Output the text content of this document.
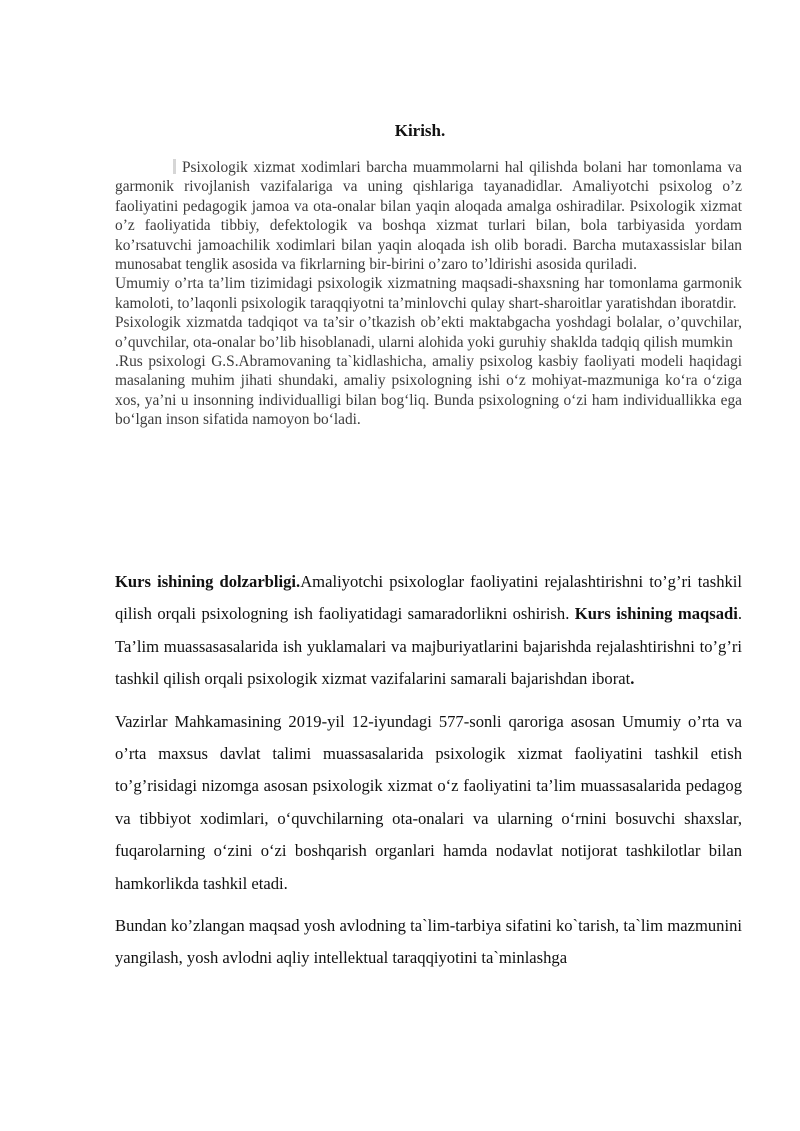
Kirish.

Psixologik xizmat xodimlari barcha muammolarni hal qilishda bolani har tomonlama va garmonik rivojlanish vazifalariga va uning qishlariga tayanadidlar. Amaliyotchi psixolog o’z faoliyatini pedagogik jamoa va ota-onalar bilan yaqin aloqada amalga oshiradilar. Psixologik xizmat o’z faoliyatida tibbiy, defektologik va boshqa xizmat turlari bilan, bola tarbiyasida yordam ko’rsatuvchi jamoachilik xodimlari bilan yaqin aloqada ish olib boradi. Barcha mutaxassislar bilan munosabat tenglik asosida va fikrlarning bir-birini o’zaro to’ldirishi asosida quriladi.

Umumiy o’rta ta’lim tizimidagi psixologik xizmatning maqsadi-shaxsning har tomonlama garmonik kamoloti, to’laqonli psixologik taraqqiyotni ta’minlovchi qulay shart-sharoitlar yaratishdan iboratdir.

Psixologik xizmatda tadqiqot va ta’sir o’tkazish ob’ekti maktabgacha yoshdagi bolalar, o’quvchilar, o’quvchilar, ota-onalar bo’lib hisoblanadi, ularni alohida yoki guruhiy shaklda tadqiq qilish mumkin

.Rus psixologi G.S.Abramovaning ta`kidlashicha, amaliy psixolog kasbiy faoliyati modeli haqidagi masalaning muhim jihati shundaki, amaliy psixologning ishi o‘z mohiyat-mazmuniga ko‘ra o‘ziga xos, ya’ni u insonning individualligi bilan bog‘liq. Bunda psixologning o‘zi ham individuallikka ega bo‘lgan inson sifatida namoyon bo‘ladi.

Kurs ishining dolzarbligi.Amaliyotchi psixologlar faoliyatini rejalashtirishni to’g’ri tashkil qilish orqali psixologning ish faoliyatidagi samaradorlikni oshirish. Kurs ishining maqsadi. Ta’lim muassasasalarida ish yuklamalari va majburiyatlarini bajarishda rejalashtirishni to’g’ri tashkil qilish orqali psixologik xizmat vazifalarini samarali bajarishdan iborat.

Vazirlar Mahkamasining 2019-yil 12-iyundagi 577-sonli qaroriga asosan Umumiy o’rta va o’rta maxsus davlat talimi muassasalarida psixologik xizmat faoliyatini tashkil etish to’g’risidagi nizomga asosan psixologik xizmat o‘z faoliyatini ta’lim muassasalarida pedagog va tibbiyot xodimlari, o‘quvchilarning ota-onalari va ularning o‘rnini bosuvchi shaxslar, fuqarolarning o‘zini o‘zi boshqarish organlari hamda nodavlat notijorat tashkilotlar bilan hamkorlikda tashkil etadi.

Bundan ko’zlangan maqsad yosh avlodning ta`lim-tarbiya sifatini ko`tarish, ta`lim mazmunini yangilash, yosh avlodni aqliy intellektual taraqqiyotini ta`minlashga
